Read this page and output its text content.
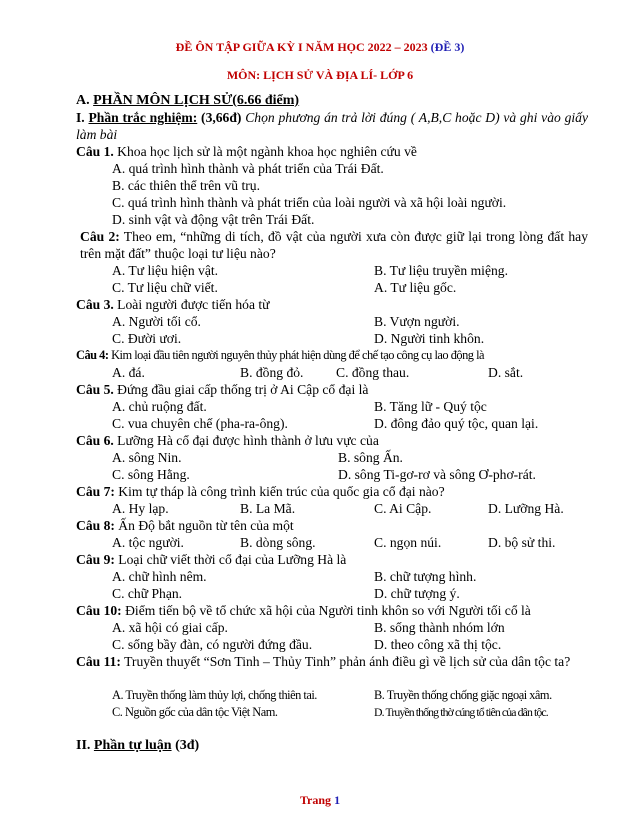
ĐỀ ÔN TẬP GIỮA KỲ I NĂM HỌC 2022 – 2023 (ĐỀ 3)
MÔN: LỊCH SỬ VÀ ĐỊA LÍ- LỚP 6
A. PHẦN MÔN LỊCH SỬ(6.66 điểm)
I. Phần trắc nghiệm: (3,66đ) Chọn phương án trả lời đúng ( A,B,C hoặc D) và ghi vào giấy làm bài
Câu 1. Khoa học lịch sử là một ngành khoa học nghiên cứu về
A. quá trình hình thành và phát triển của Trái Đất.
B. các thiên thể trên vũ trụ.
C. quá trình hình thành và phát triển của loài người và xã hội loài người.
D. sinh vật và động vật trên Trái Đất.
Câu 2: Theo em, “những di tích, đồ vật của người xưa còn được giữ lại trong lòng đất hay trên mặt đất” thuộc loại tư liệu nào?
A. Tư liệu hiện vật.	B. Tư liệu truyền miệng.
C. Tư liệu chữ viết.	A. Tư liệu gốc.
Câu 3. Loài người được tiến hóa từ
A. Người tối cổ.	B. Vượn người.
C. Đười ươi.	D. Người tinh khôn.
Câu 4: Kim loại đầu tiên người nguyên thủy phát hiện dùng để chế tạo công cụ lao động là
A. đá.	B. đồng đỏ. C. đồng thau.	D. sắt.
Câu 5. Đứng đầu giai cấp thống trị ở Ai Cập cổ đại là
A. chủ ruộng đất.	B. Tăng lữ - Quý tộc
C. vua chuyên chế (pha-ra-ông).	D. đông đảo quý tộc, quan lại.
Câu 6. Lưỡng Hà cổ đại được hình thành ở lưu vực của
A. sông Nin.	B. sông Ấn.
C. sông Hằng.	D. sông Ti-gơ-rơ và sông Ơ-phơ-rát.
Câu 7: Kim tự tháp là công trình kiến trúc của quốc gia cổ đại nào?
A. Hy lạp.	B. La Mã.	C. Ai Cập.	D. Lưỡng Hà.
Câu 8: Ấn Độ bắt nguồn từ tên của một
A. tộc người.	B. dòng sông.	C. ngọn núi.	D. bộ sử thi.
Câu 9: Loại chữ viết thời cổ đại của Lưỡng Hà là
A. chữ hình nêm.	B. chữ tượng hình.
C. chữ Phạn.	D. chữ tượng ý.
Câu 10: Điểm tiến bộ về tổ chức xã hội của Người tinh khôn so với Người tối cổ là
A. xã hội có giai cấp.	B. sống thành nhóm lớn
C. sống bầy đàn, có người đứng đầu.	D. theo công xã thị tộc.
Câu 11: Truyền thuyết “Sơn Tinh – Thủy Tinh” phản ánh điều gì về lịch sử của dân tộc ta?
A. Truyền thống làm thủy lợi, chống thiên tai.	B. Truyền thống chống giặc ngoại xâm.
C. Nguồn gốc của dân tộc Việt Nam.	D. Truyền thống thờ cúng tổ tiên của dân tộc.
II. Phần tự luận (3đ)
Trang 1
